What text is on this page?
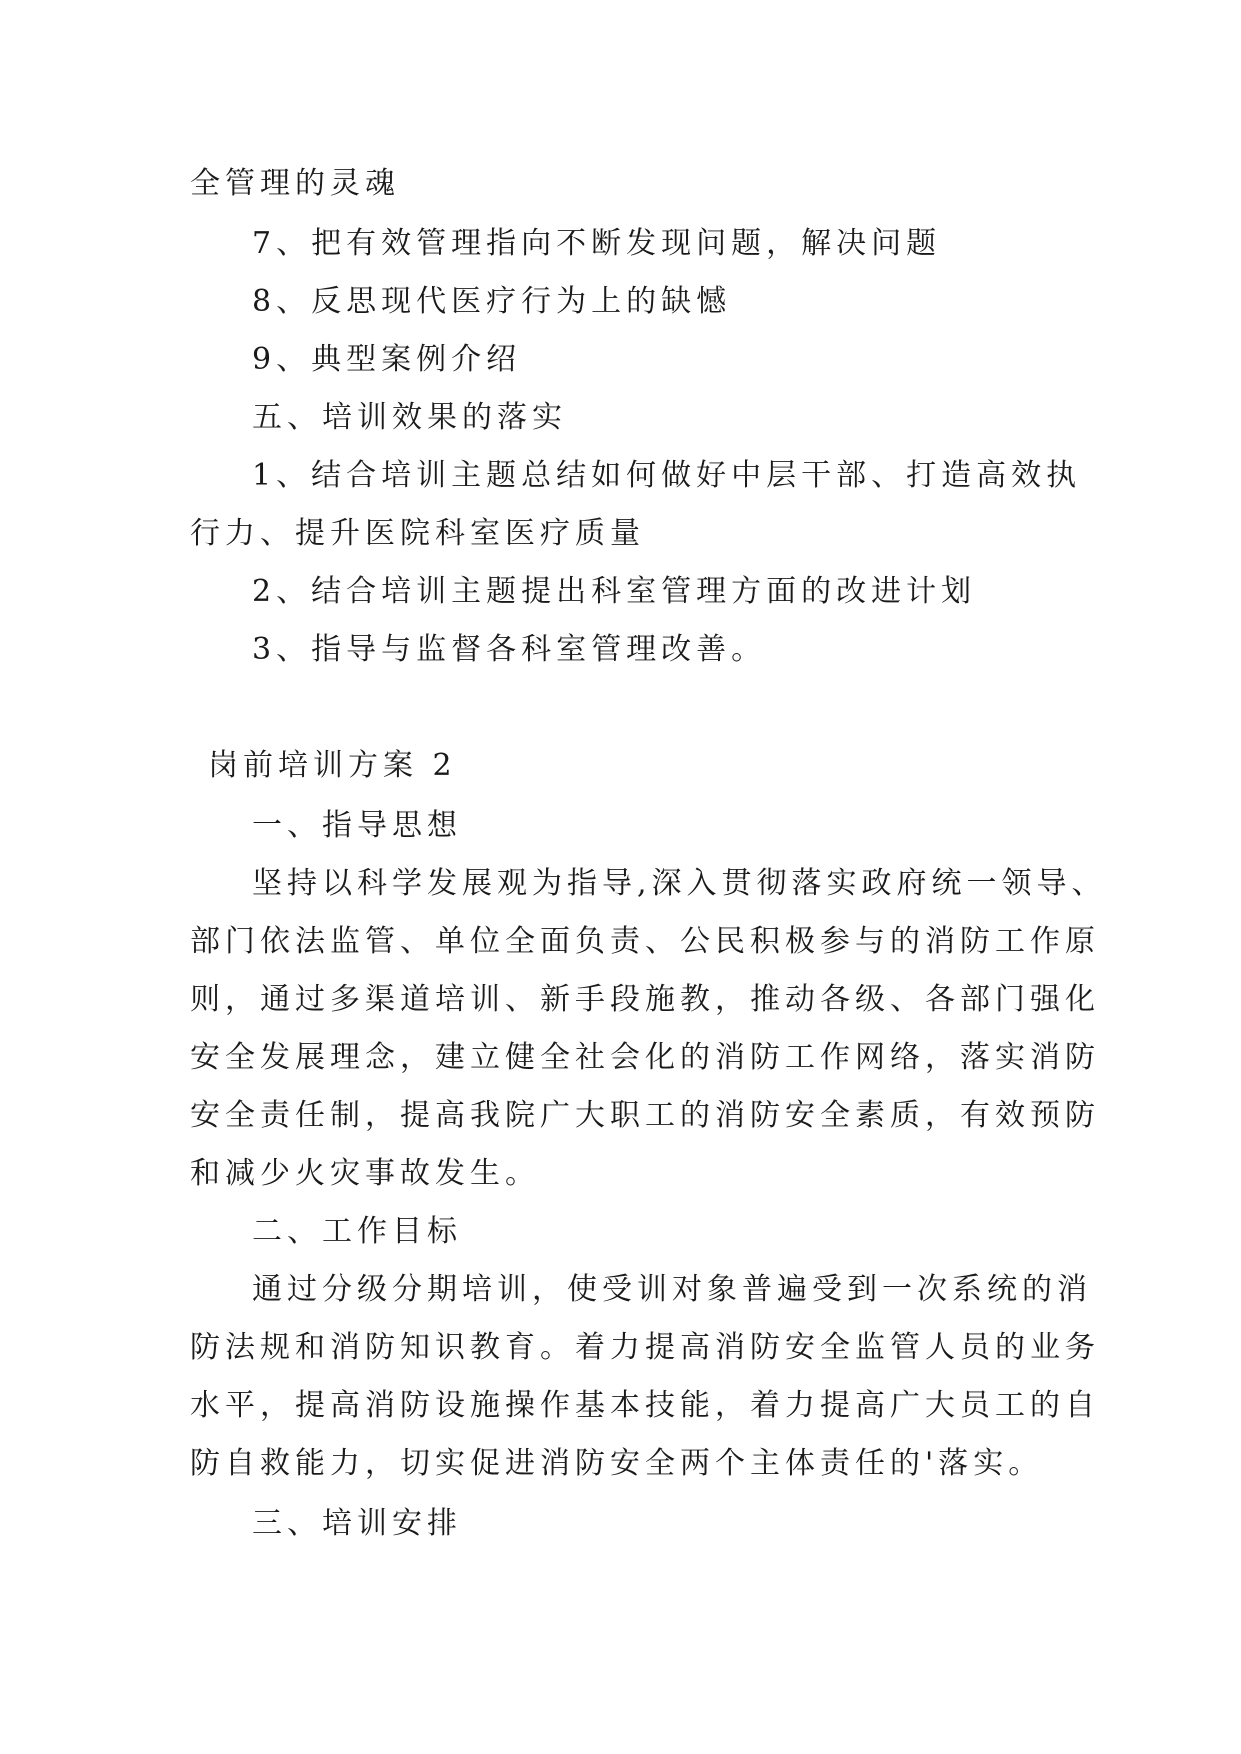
全管理的灵魂
7、把有效管理指向不断发现问题，解决问题
8、反思现代医疗行为上的缺憾
9、典型案例介绍
五、培训效果的落实
1、结合培训主题总结如何做好中层干部、打造高效执
行力、提升医院科室医疗质量
2、结合培训主题提出科室管理方面的改进计划
3、指导与监督各科室管理改善。
岗前培训方案 2
一、指导思想
坚持以科学发展观为指导,深入贯彻落实政府统一领导、
部门依法监管、单位全面负责、公民积极参与的消防工作原
则，通过多渠道培训、新手段施教，推动各级、各部门强化
安全发展理念，建立健全社会化的消防工作网络，落实消防
安全责任制，提高我院广大职工的消防安全素质，有效预防
和减少火灾事故发生。
二、工作目标
通过分级分期培训，使受训对象普遍受到一次系统的消
防法规和消防知识教育。着力提高消防安全监管人员的业务
水平，提高消防设施操作基本技能，着力提高广大员工的自
防自救能力，切实促进消防安全两个主体责任的'落实。
三、培训安排
